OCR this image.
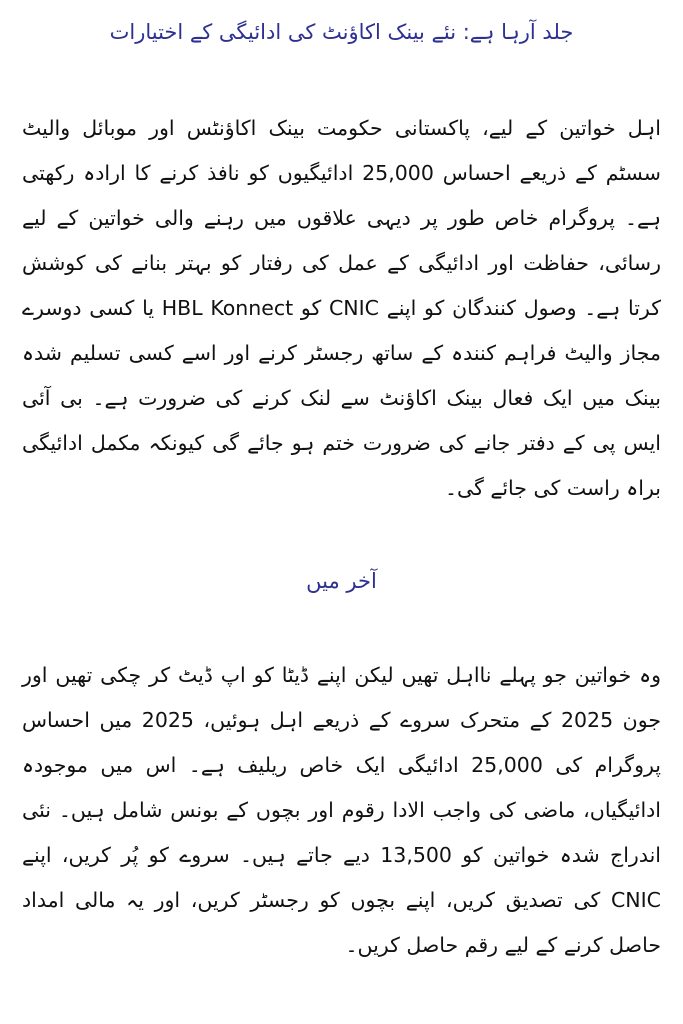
جلد آرہا ہے: نئے بینک اکاؤنٹ کی ادائیگی کے اختیارات

اہل خواتین کے لیے، پاکستانی حکومت بینک اکاؤنٹس اور موبائل والیٹ سسٹم کے ذریعے احساس 25,000 ادائیگیوں کو نافذ کرنے کا ارادہ رکھتی ہے۔ پروگرام خاص طور پر دیہی علاقوں میں رہنے والی خواتین کے لیے رسائی، حفاظت اور ادائیگی کے عمل کی رفتار کو بہتر بنانے کی کوشش کرتا ہے۔ وصول کنندگان کو اپنے CNIC کو HBL Konnect یا کسی دوسرے مجاز والیٹ فراہم کنندہ کے ساتھ رجسٹر کرنے اور اسے کسی تسلیم شدہ بینک میں ایک فعال بینک اکاؤنٹ سے لنک کرنے کی ضرورت ہے۔ بی آئی ایس پی کے دفتر جانے کی ضرورت ختم ہو جائے گی کیونکہ مکمل ادائیگی براہ راست کی جائے گی۔

آخر میں

وہ خواتین جو پہلے نااہل تھیں لیکن اپنے ڈیٹا کو اپ ڈیٹ کر چکی تھیں اور جون 2025 کے متحرک سروے کے ذریعے اہل ہوئیں، 2025 میں احساس پروگرام کی 25,000 ادائیگی ایک خاص ریلیف ہے۔ اس میں موجودہ ادائیگیاں، ماضی کی واجب الادا رقوم اور بچوں کے بونس شامل ہیں۔ نئی اندراج شدہ خواتین کو 13,500 دیے جاتے ہیں۔ سروے کو پُر کریں، اپنے CNIC کی تصدیق کریں، اپنے بچوں کو رجسٹر کریں، اور یہ مالی امداد حاصل کرنے کے لیے رقم حاصل کریں۔
